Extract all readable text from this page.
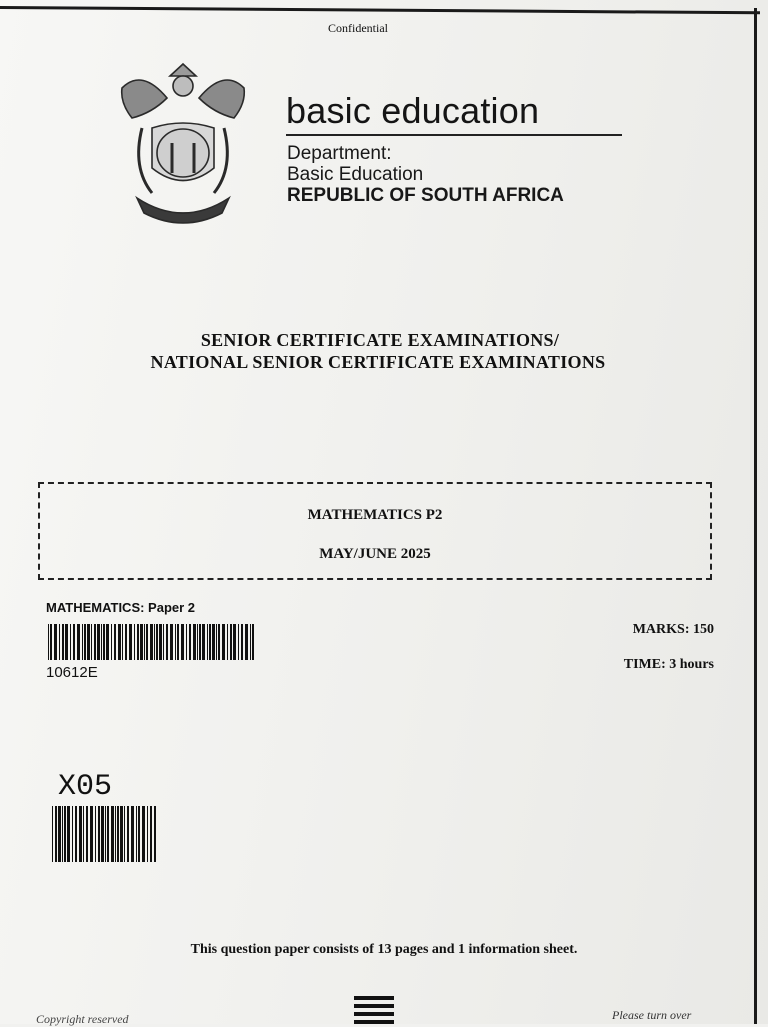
Confidential
basic education
Department:
Basic Education
REPUBLIC OF SOUTH AFRICA
SENIOR CERTIFICATE EXAMINATIONS/
NATIONAL SENIOR CERTIFICATE EXAMINATIONS
MATHEMATICS P2
MAY/JUNE 2025
MATHEMATICS: Paper 2
10612E
MARKS: 150
TIME: 3 hours
X05
This question paper consists of 13 pages and 1 information sheet.
Copyright reserved	Please turn over
